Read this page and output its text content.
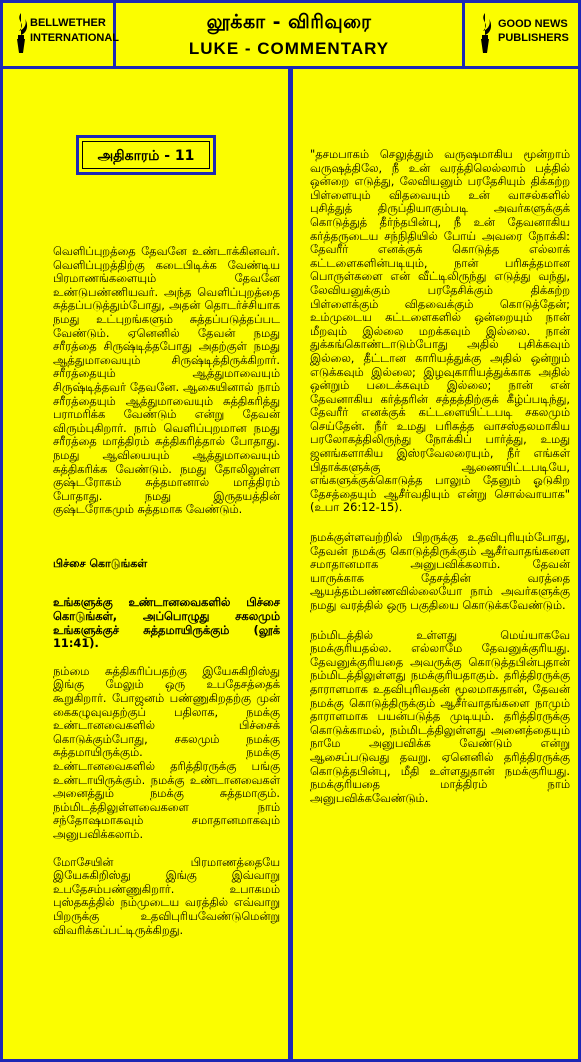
BELLWETHER
INTERNATIONAL
லூக்கா - விரிவுரை
LUKE - COMMENTARY
GOOD NEWS
PUBLISHERS
அதிகாரம் - 11

வெளிப்புறத்தை தேவனே உண்டாக்கினவர். வெளிப்புறத்திற்கு கடைபிடிக்க வேண்டிய பிரமாணங்களையும் தேவனே உண்டுபண்ணியவர். அந்த வெளிப்புறத்தை சுத்தப்படுத்தும்போது, அதன் தொடர்ச்சியாக நமது உட்புறங்களும் சுத்தப்படுத்தப்பட வேண்டும். ஏனெனில் தேவன் நமது சரீரத்தை சிருஷ்டித்தபோது அதற்குள் நமது ஆத்துமாவையும் சிருஷ்டித்திருக்கிறார். சரீரத்தையும் ஆத்துமாவையும் சிருஷ்டித்தவர் தேவனே. ஆகையினால் நாம் சரீரத்தையும் ஆத்துமாவையும் சுத்திகரித்து பராமரிக்க வேண்டும் என்று தேவன் விரும்புகிறார். நாம் வெளிப்புறமான நமது சரீரத்தை மாத்திரம் சுத்திகரித்தால் போதாது. நமது ஆவியையும் ஆத்துமாவையும் சுத்திகரிக்க வேண்டும். நமது தோலிலுள்ள குஷ்டரோகம் சுத்தமானால் மாத்திரம் போதாது. நமது இருதயத்தின் குஷ்டரோகமும் சுத்தமாக வேண்டும்.

பிச்சை கொடுங்கள்

உங்களுக்கு உண்டானவைகளில் பிச்சை கொடுங்கள், அப்பொழுது சகலமும் உங்களுக்குச் சுத்தமாயிருக்கும் (லூக் 11:41).

நம்மை சுத்திகரிப்பதற்கு இயேசுகிறிஸ்து இங்கு மேலும் ஒரு உபதேசத்தைக் கூறுகிறார். போஜனம் பண்ணுகிறதற்கு முன் கைகழுவுவதற்குப் பதிலாக, நமக்கு உண்டானவைகளில் பிச்சைக் கொடுக்கும்போது, சகலமும் நமக்கு சுத்தமாயிருக்கும். நமக்கு உண்டானவைகளில் தரித்திரருக்கு பங்கு உண்டாயிருக்கும். நமக்கு உண்டானவைகள் அனைத்தும் நமக்கு சுத்தமாகும். நம்மிடத்திலுள்ளவைகளை நாம் சந்தோஷமாகவும் சமாதானமாகவும் அனுபவிக்கலாம்.

மோசேயின் பிரமாணத்தையே இயேசுகிறிஸ்து இங்கு இவ்வாறு உபதேசம்பண்ணுகிறார். உபாகமம் புஸ்தகத்தில் நம்முடைய வரத்தில் எவ்வாறு பிறருக்கு உதவிபுரியவேண்டுமென்று விவரிக்கப்பட்டிருக்கிறது.

"தசமபாகம் செலுத்தும் வருஷமாகிய மூன்றாம் வருஷத்திலே, நீ உன் வரத்திலெல்லாம் பத்தில் ஒன்றை எடுத்து, லேவியனும் பரதேசியும் திக்கற்ற பிள்ளையும் விதவையும் உன் வாசல்களில் புசித்துத் திருப்தியாகும்படி அவர்களுக்குக் கொடுத்துத் தீர்ந்தபின்பு, நீ உன் தேவனாகிய கர்த்தருடைய சந்நிதியில் போய் அவரை நோக்கி: தேவரீர் எனக்குக் கொடுத்த எல்லாக் கட்டளைகளின்படியும், நான் பரிசுத்தமான பொருள்களை என் வீட்டிலிருந்து எடுத்து வந்து, லேவியனுக்கும் பரதேசிக்கும் திக்கற்ற பிள்ளைக்கும் விதவைக்கும் கொடுத்தேன்; உம்முடைய கட்டளைகளில் ஒன்றையும் நான் மீறவும் இல்லை மறக்கவும் இல்லை. நான் துக்கங்கொண்டாடும்போது அதில் புசிக்கவும் இல்லை, தீட்டான காரியத்துக்கு அதில் ஒன்றும் எடுக்கவும் இல்லை; இழவுகாரியத்துக்காக அதில் ஒன்றும் படைக்கவும் இல்லை; நான் என் தேவனாகிய கர்த்தரின் சத்தத்திற்குக் கீழ்ப்படிந்து, தேவரீர் எனக்குக் கட்டளையிட்டபடி சகலமும் செய்தேன். நீர் உமது பரிசுத்த வாசஸ்தலமாகிய பரலோகத்திலிருந்து நோக்கிப் பார்த்து, உமது ஜனங்களாகிய இஸ்ரவேலரையும், நீர் எங்கள் பிதாக்களுக்கு ஆணையிட்டபடியே, எங்களுக்குக்கொடுத்த பாலும் தேனும் ஓடுகிற தேசத்தையும் ஆசீர்வதியும் என்று சொல்வாயாக" (உபா 26:12-15).

நமக்குள்ளவற்றில் பிறருக்கு உதவிபுரியும்போது, தேவன் நமக்கு கொடுத்திருக்கும் ஆசீர்வாதங்களை சமாதானமாக அனுபவிக்கலாம். தேவன் யாருக்காக தேசத்தின் வரத்தை ஆயத்தம்பண்ணவில்லையோ நாம் அவர்களுக்கு நமது வரத்தில் ஒரு பகுதியை கொடுக்கவேண்டும்.

நம்மிடத்தில் உள்ளது மெய்யாகவே நமக்குரியதல்ல. எல்லாமே தேவனுக்குரியது. தேவனுக்குரியதை அவருக்கு கொடுத்தபின்புதான் நம்மிடத்திலுள்ளது நமக்குரியதாகும். தரித்திரருக்கு தாராளமாக உதவிபுரிவதன் மூலமாகதான், தேவன் நமக்கு கொடுத்திருக்கும் ஆசீர்வாதங்களை நாமும் தாராளமாக பயன்படுத்த முடியும். தரித்திரருக்கு கொடுக்காமல், நம்மிடத்திலுள்ளது அனைத்தையும் நாமே அனுபவிக்க வேண்டும் என்று ஆசைப்படுவது தவறு. ஏனெனில் தரித்திரருக்கு கொடுத்தபின்பு, மீதி உள்ளதுதான் நமக்குரியது. நமக்குரியதை மாத்திரம் நாம் அனுபவிக்கவேண்டும்.
